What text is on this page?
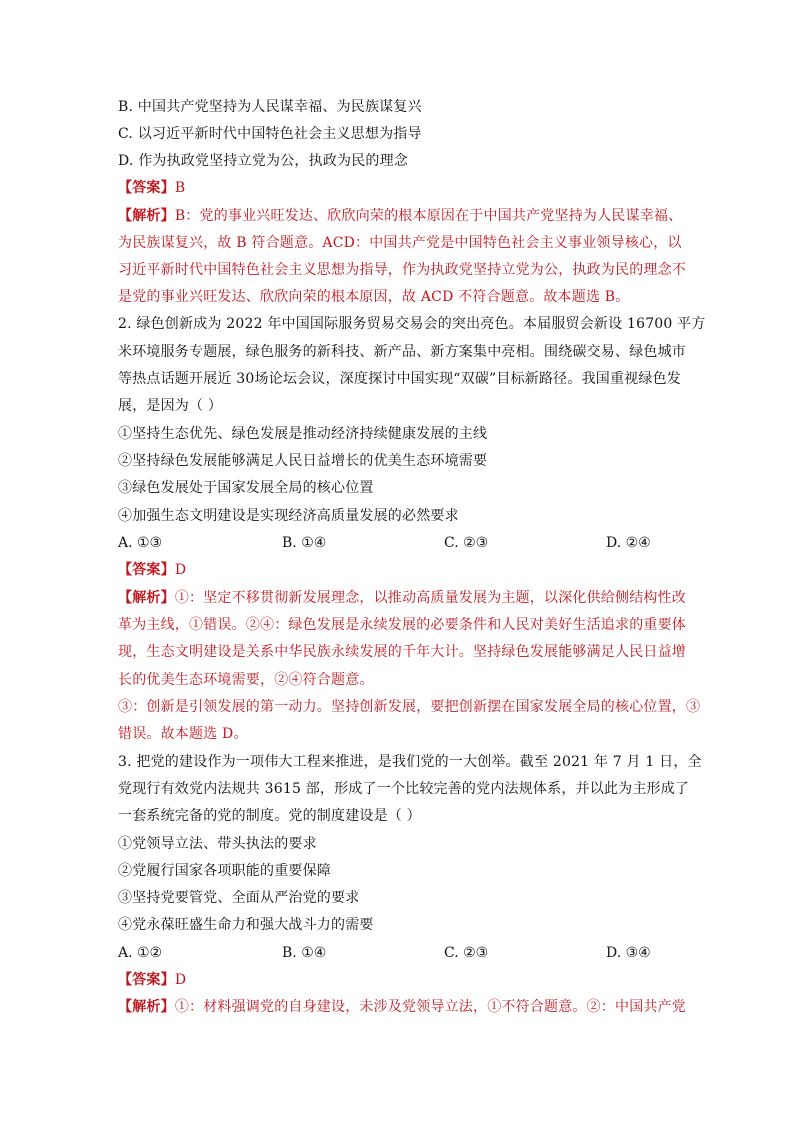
B. 中国共产党坚持为人民谋幸福、为民族谋复兴
C. 以习近平新时代中国特色社会主义思想为指导
D. 作为执政党坚持立党为公，执政为民的理念
【答案】B
【解析】B：党的事业兴旺发达、欣欣向荣的根本原因在于中国共产党坚持为人民谋幸福、
为民族谋复兴，故 B 符合题意。ACD：中国共产党是中国特色社会主义事业领导核心，以
习近平新时代中国特色社会主义思想为指导，作为执政党坚持立党为公，执政为民的理念不
是党的事业兴旺发达、欣欣向荣的根本原因，故 ACD 不符合题意。故本题选 B。
2. 绿色创新成为 2022 年中国国际服务贸易交易会的突出亮色。本届服贸会新设 16700 平方
米环境服务专题展，绿色服务的新科技、新产品、新方案集中亮相。围绕碳交易、绿色城市
等热点话题开展近 30场论坛会议，深度探讨中国实现“双碳”目标新路径。我国重视绿色发
展，是因为（ ）
①坚持生态优先、绿色发展是推动经济持续健康发展的主线
②坚持绿色发展能够满足人民日益增长的优美生态环境需要
③绿色发展处于国家发展全局的核心位置
④加强生态文明建设是实现经济高质量发展的必然要求
A. ①③	B. ①④	C. ②③	D. ②④
【答案】D
【解析】①：坚定不移贯彻新发展理念，以推动高质量发展为主题，以深化供给侧结构性改
革为主线，①错误。②④：绿色发展是永续发展的必要条件和人民对美好生活追求的重要体
现，生态文明建设是关系中华民族永续发展的千年大计。坚持绿色发展能够满足人民日益增
长的优美生态环境需要，②④符合题意。
③：创新是引领发展的第一动力。坚持创新发展，要把创新摆在国家发展全局的核心位置，③
错误。故本题选 D。
3. 把党的建设作为一项伟大工程来推进，是我们党的一大创举。截至 2021 年 7 月 1 日，全
党现行有效党内法规共 3615 部，形成了一个比较完善的党内法规体系，并以此为主形成了
一套系统完备的党的制度。党的制度建设是（ ）
①党领导立法、带头执法的要求
②党履行国家各项职能的重要保障
③坚持党要管党、全面从严治党的要求
④党永葆旺盛生命力和强大战斗力的需要
A. ①②	B. ①④	C. ②③	D. ③④
【答案】D
【解析】①：材料强调党的自身建设，未涉及党领导立法，①不符合题意。②：中国共产党
